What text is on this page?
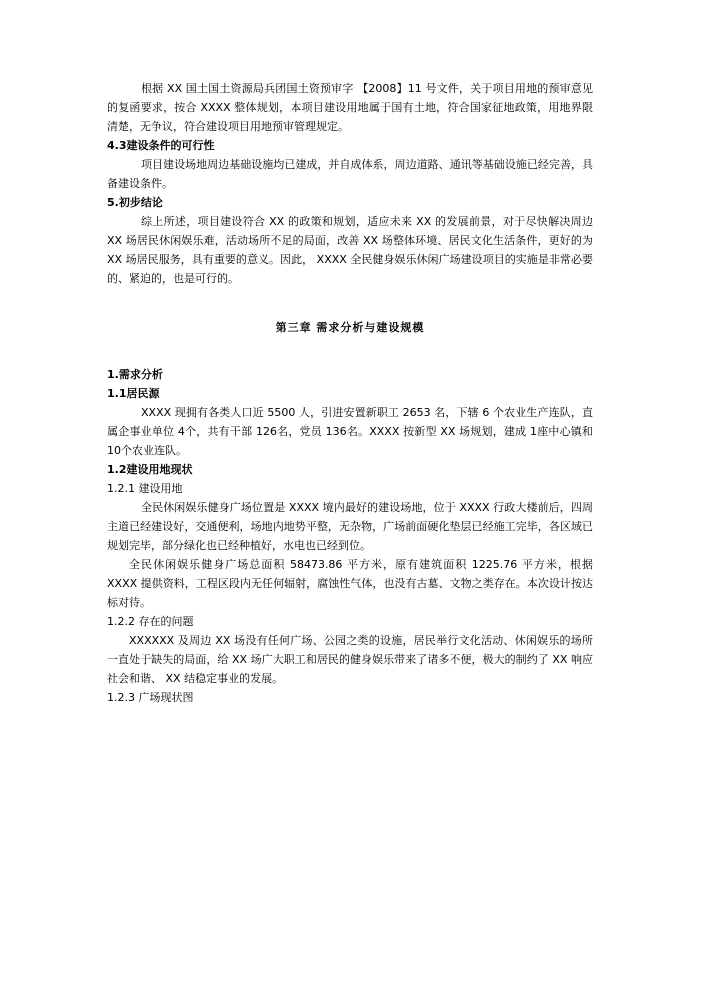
根据 XX 国土国土资源局兵团国土资预审字 【2008】11 号文件，关于项目用地的预审意见的复函要求，按合 XXXX 整体规划，本项目建设用地属于国有土地，符合国家征地政策，用地界限清楚，无争议，符合建设项目用地预审管理规定。

4.3建设条件的可行性

项目建设场地周边基础设施均已建成，并自成体系，周边道路、通讯等基础设施已经完善，具备建设条件。

5.初步结论

综上所述，项目建设符合 XX 的政策和规划，适应未来 XX 的发展前景，对于尽快解决周边 XX 场居民休闲娱乐难，活动场所不足的局面，改善 XX 场整体环境、居民文化生活条件，更好的为 XX 场居民服务，具有重要的意义。因此， XXXX 全民健身娱乐休闲广场建设项目的实施是非常必要的、紧迫的，也是可行的。

第三章 需求分析与建设规模
1.需求分析
1.1居民源

XXXX 现拥有各类人口近 5500 人，引进安置新职工 2653 名，下辖 6 个农业生产连队，直属企事业单位 4个，共有干部 126名，党员 136名。XXXX 按新型 XX 场规划，建成 1座中心镇和 10个农业连队。

1.2建设用地现状
1.2.1 建设用地

全民休闲娱乐健身广场位置是 XXXX 境内最好的建设场地，位于 XXXX 行政大楼前后，四周主道已经建设好，交通便利，场地内地势平整，无杂物，广场前面硬化垫层已经施工完毕，各区域已规划完毕，部分绿化也已经种植好，水电也已经到位。

全民休闲娱乐健身广场总面积 58473.86 平方米，原有建筑面积 1225.76 平方米，根据 XXXX 提供资料，工程区段内无任何辐射，腐蚀性气体，也没有古墓、文物之类存在。本次设计按达标对待。

1.2.2 存在的问题

XXXXXX 及周边 XX 场没有任何广场、公园之类的设施，居民举行文化活动、休闲娱乐的场所一直处于缺失的局面，给 XX 场广大职工和居民的健身娱乐带来了诸多不便，极大的制约了 XX 响应社会和谐、 XX 结稳定事业的发展。

1.2.3 广场现状图
